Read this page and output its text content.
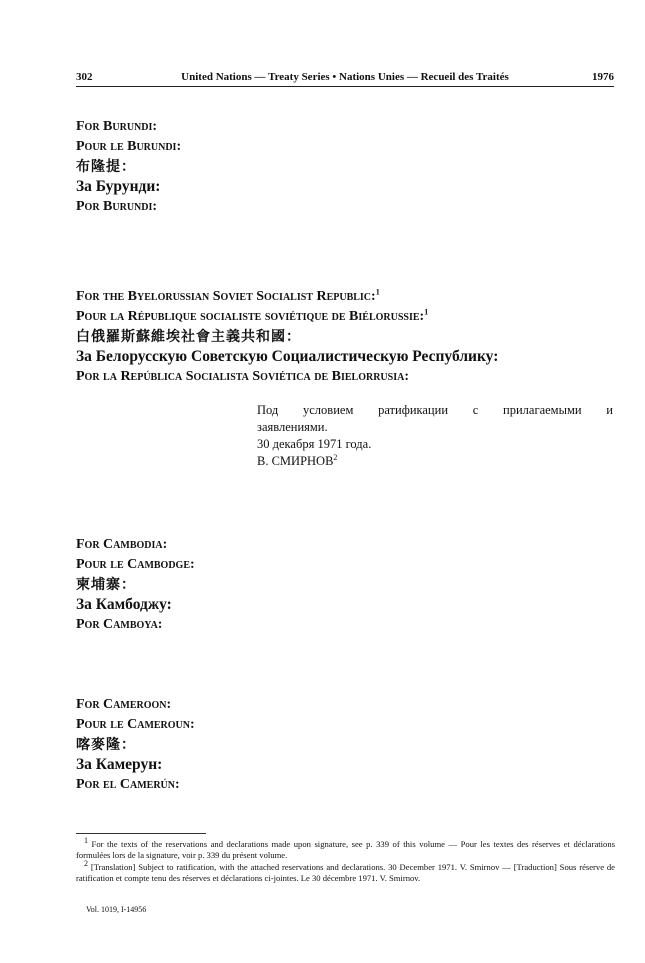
302	United Nations — Treaty Series • Nations Unies — Recueil des Traités	1976
For Burundi:
Pour le Burundi:
布隆提：
За Бурунди:
Por Burundi:
For the Byelorussian Soviet Socialist Republic:$^1$
Pour la République socialiste soviétique de Biélorussie:$^1$
白俄羅斯蘇維埃社會主義共和國：
За Белорусскую Советскую Социалистическую Республику:
Por la República Socialista Soviética de Bielorrusia:
Под условием ратификации с прилагаемыми и
заявлениями.
30 декабря 1971 года.
В. СМИРНОВ$^2$
For Cambodia:
Pour le Cambodge:
柬埔寨：
За Камбоджу:
Por Camboya:
For Cameroon:
Pour le Cameroun:
喀麥隆：
За Камерун:
Por el Camerún:
$^1$ For the texts of the reservations and declarations made upon signature, see p. 339 of this volume — Pour les textes des réserves et déclarations formulées lors de la signature, voir p. 339 du présent volume.
$^2$ [Translation] Subject to ratification, with the attached reservations and declarations. 30 December 1971. V. Smirnov — [Traduction] Sous réserve de ratification et compte tenu des réserves et déclarations ci-jointes. Le 30 décembre 1971. V. Smirnov.
Vol. 1019, I-14956
